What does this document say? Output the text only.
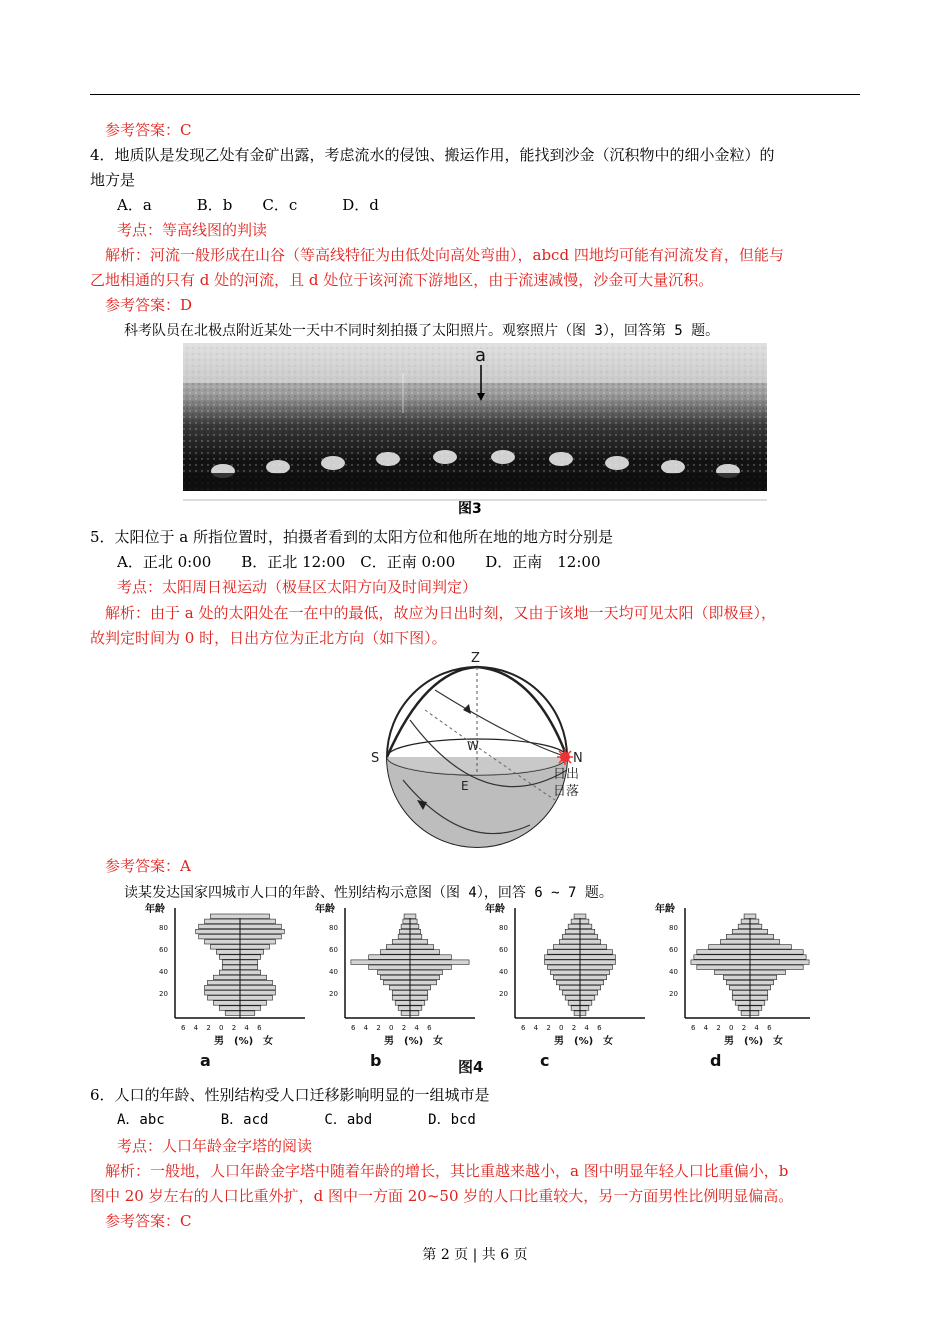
参考答案：C
4．地质队是发现乙处有金矿出露，考虑流水的侵蚀、搬运作用，能找到沙金（沉积物中的细小金粒）的
地方是
A．a　　　B．b　　C．c　　　D．d
考点：等高线图的判读
解析：河流一般形成在山谷（等高线特征为由低处向高处弯曲），abcd 四地均可能有河流发育，但能与
乙地相通的只有 d 处的河流，且 d 处位于该河流下游地区，由于流速减慢，沙金可大量沉积。
参考答案：D
科考队员在北极点附近某处一天中不同时刻拍摄了太阳照片。观察照片（图 3），回答第 5 题。
a
图3
5．太阳位于 a 所指位置时，拍摄者看到的太阳方位和他所在地的地方时分别是
A．正北 0:00　　B．正北 12:00　C．正南 0:00　　D．正南　12:00
考点：太阳周日视运动（极昼区太阳方向及时间判定）
解析：由于 a 处的太阳处在一在中的最低，故应为日出时刻，又由于该地一天均可见太阳（即极昼），
故判定时间为 0 时，日出方位为正北方向（如下图）。
Z
S	N
W
E
日出
日落
参考答案：A
读某发达国家四城市人口的年龄、性别结构示意图（图 4），回答 6 ~ 7 题。
年龄
80
60
40
20
6 4 2 0 2 4 6
男　(%)　女
a
年龄
80
60
40
20
6 4 2 0 2 4 6
男　(%)　女
b
年龄
80
60
40
20
6 4 2 0 2 4 6
男　(%)　女
c
年龄
80
60
40
20
6 4 2 0 2 4 6
男　(%)　女
d
图4
6．人口的年龄、性别结构受人口迁移影响明显的一组城市是
A．abc　　　　B．acd　　　　C．abd　　　　D．bcd
考点：人口年龄金字塔的阅读
解析：一般地，人口年龄金字塔中随着年龄的增长，其比重越来越小，a 图中明显年轻人口比重偏小，b
图中 20 岁左右的人口比重外扩，d 图中一方面 20~50 岁的人口比重较大，另一方面男性比例明显偏高。
参考答案：C
第 2 页 | 共 6 页
